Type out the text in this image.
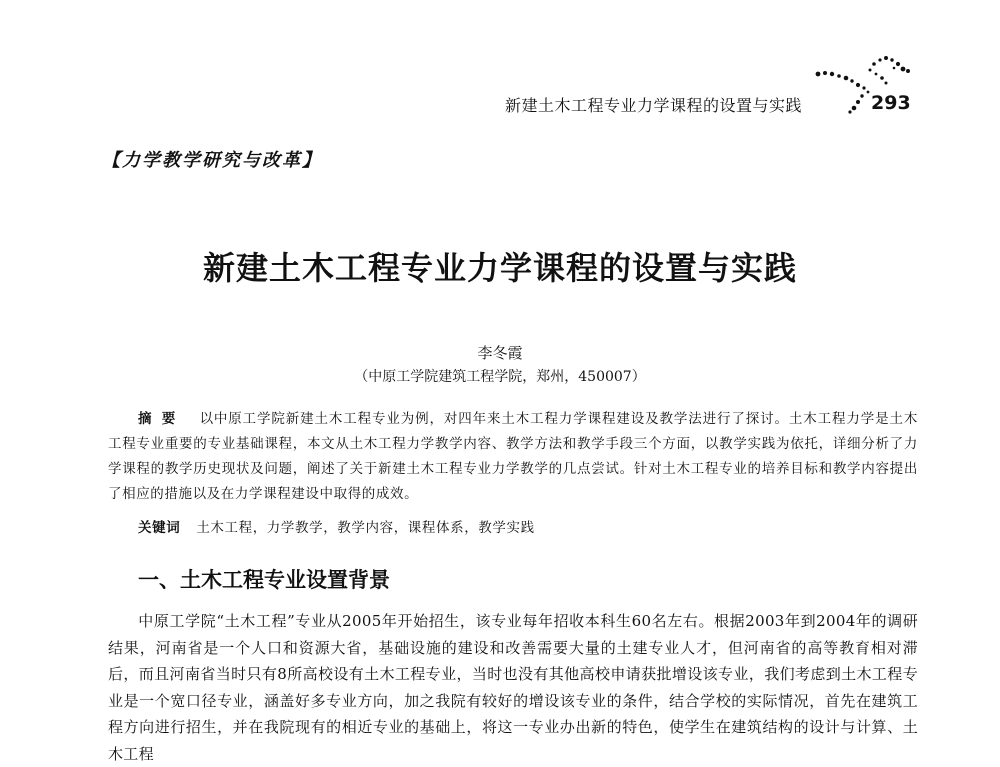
新建土木工程专业力学课程的设置与实践	293
【力学教学研究与改革】
新建土木工程专业力学课程的设置与实践
李冬霞
（中原工学院建筑工程学院，郑州，450007）
摘要 以中原工学院新建土木工程专业为例，对四年来土木工程力学课程建设及教学法进行了探讨。土木工程力学是土木工程专业重要的专业基础课程，本文从土木工程力学教学内容、教学方法和教学手段三个方面，以教学实践为依托，详细分析了力学课程的教学历史现状及问题，阐述了关于新建土木工程专业力学教学的几点尝试。针对土木工程专业的培养目标和教学内容提出了相应的措施以及在力学课程建设中取得的成效。
关键词 土木工程，力学教学，教学内容，课程体系，教学实践
一、土木工程专业设置背景

中原工学院“土木工程”专业从2005年开始招生，该专业每年招收本科生60名左右。根据2003年到2004年的调研结果，河南省是一个人口和资源大省，基础设施的建设和改善需要大量的土建专业人才，但河南省的高等教育相对滞后，而且河南省当时只有8所高校设有土木工程专业，当时也没有其他高校申请获批增设该专业，我们考虑到土木工程专业是一个宽口径专业，涵盖好多专业方向，加之我院有较好的增设该专业的条件，结合学校的实际情况，首先在建筑工程方向进行招生，并在我院现有的相近专业的基础上，将这一专业办出新的特色，使学生在建筑结构的设计与计算、土木工程
